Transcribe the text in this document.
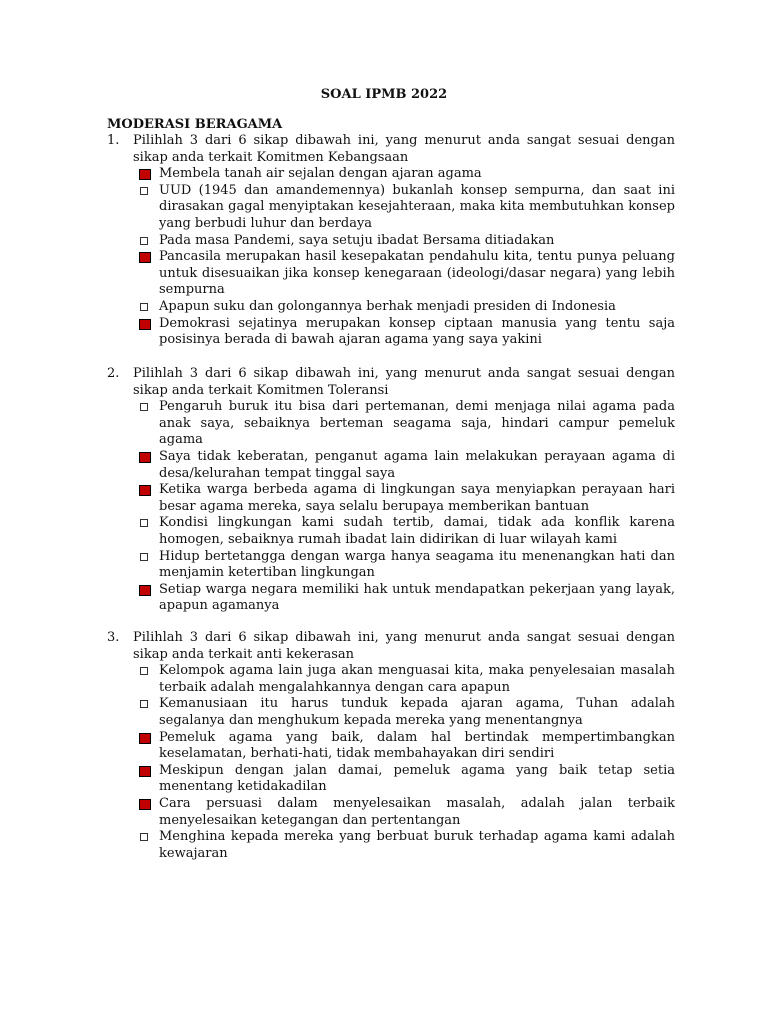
SOAL IPMB 2022
MODERASI BERAGAMA
1.	Pilihlah 3 dari 6 sikap dibawah ini, yang menurut anda sangat sesuai dengan sikap anda terkait Komitmen Kebangsaan
Membela tanah air sejalan dengan ajaran agama
UUD (1945 dan amandemennya) bukanlah konsep sempurna, dan saat ini dirasakan gagal menyiptakan kesejahteraan, maka kita membutuhkan konsep yang berbudi luhur dan berdaya
Pada masa Pandemi, saya setuju ibadat Bersama ditiadakan
Pancasila merupakan hasil kesepakatan pendahulu kita, tentu punya peluang untuk disesuaikan jika konsep kenegaraan (ideologi/dasar negara) yang lebih sempurna
Apapun suku dan golongannya berhak menjadi presiden di Indonesia
Demokrasi sejatinya merupakan konsep ciptaan manusia yang tentu saja posisinya berada di bawah ajaran agama yang saya yakini
2.	Pilihlah 3 dari 6 sikap dibawah ini, yang menurut anda sangat sesuai dengan sikap anda terkait Komitmen Toleransi
Pengaruh buruk itu bisa dari pertemanan, demi menjaga nilai agama pada anak saya, sebaiknya berteman seagama saja, hindari campur pemeluk agama
Saya tidak keberatan, penganut agama lain melakukan perayaan agama di desa/kelurahan tempat tinggal saya
Ketika warga berbeda agama di lingkungan saya menyiapkan perayaan hari besar agama mereka, saya selalu berupaya memberikan bantuan
Kondisi lingkungan kami sudah tertib, damai, tidak ada konflik karena homogen, sebaiknya rumah ibadat lain didirikan di luar wilayah kami
Hidup bertetangga dengan warga hanya seagama itu menenangkan hati dan menjamin ketertiban lingkungan
Setiap warga negara memiliki hak untuk mendapatkan pekerjaan yang layak, apapun agamanya
3.	Pilihlah 3 dari 6 sikap dibawah ini, yang menurut anda sangat sesuai dengan sikap anda terkait anti kekerasan
Kelompok agama lain juga akan menguasai kita, maka penyelesaian masalah terbaik adalah mengalahkannya dengan cara apapun
Kemanusiaan itu harus tunduk kepada ajaran agama, Tuhan adalah segalanya dan menghukum kepada mereka yang menentangnya
Pemeluk agama yang baik, dalam hal bertindak mempertimbangkan keselamatan, berhati-hati, tidak membahayakan diri sendiri
Meskipun dengan jalan damai, pemeluk agama yang baik tetap setia menentang ketidakadilan
Cara persuasi dalam menyelesaikan masalah, adalah jalan terbaik menyelesaikan ketegangan dan pertentangan
Menghina kepada mereka yang berbuat buruk terhadap agama kami adalah kewajaran
